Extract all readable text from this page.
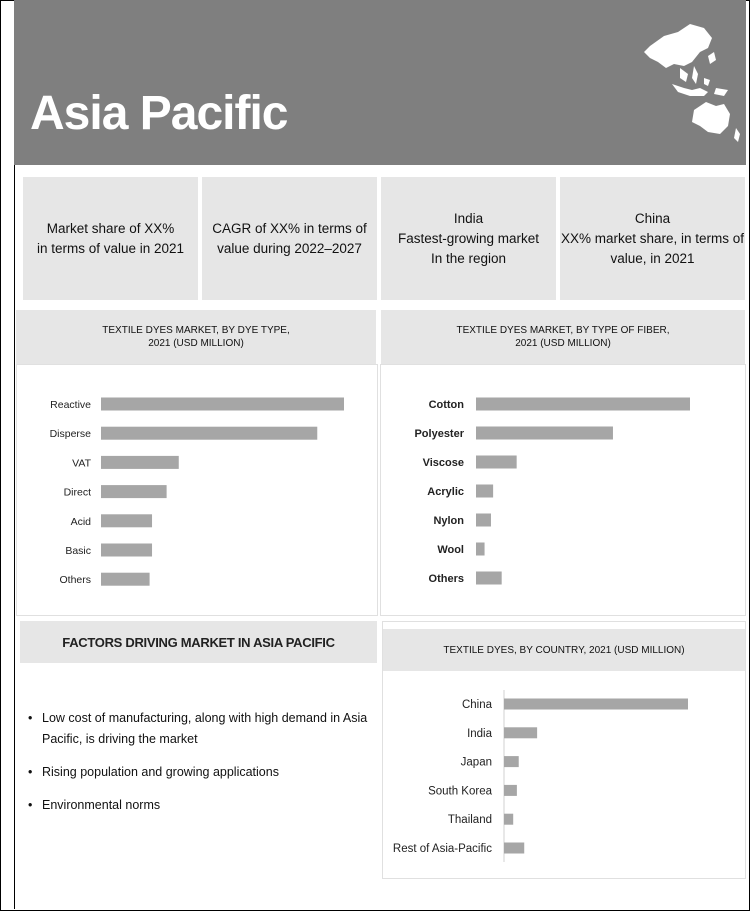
Asia Pacific
Market share of XX%
in terms of value in 2021
CAGR of XX% in terms of
value during 2022–2027
India
Fastest-growing market
In the region
China
XX% market share, in terms of
value, in 2021
TEXTILE DYES MARKET, BY DYE TYPE,
2021 (USD MILLION)
TEXTILE DYES MARKET, BY TYPE OF FIBER,
2021 (USD MILLION)
Reactive
Disperse
VAT
Direct
Acid
Basic
Others
Cotton
Polyester
Viscose
Acrylic
Nylon
Wool
Others
FACTORS DRIVING MARKET IN ASIA PACIFIC
• Low cost of manufacturing, along with high demand in Asia Pacific, is driving the market
• Rising population and growing applications
• Environmental norms
TEXTILE DYES, BY COUNTRY, 2021 (USD MILLION)
China
India
Japan
South Korea
Thailand
Rest of Asia-Pacific
